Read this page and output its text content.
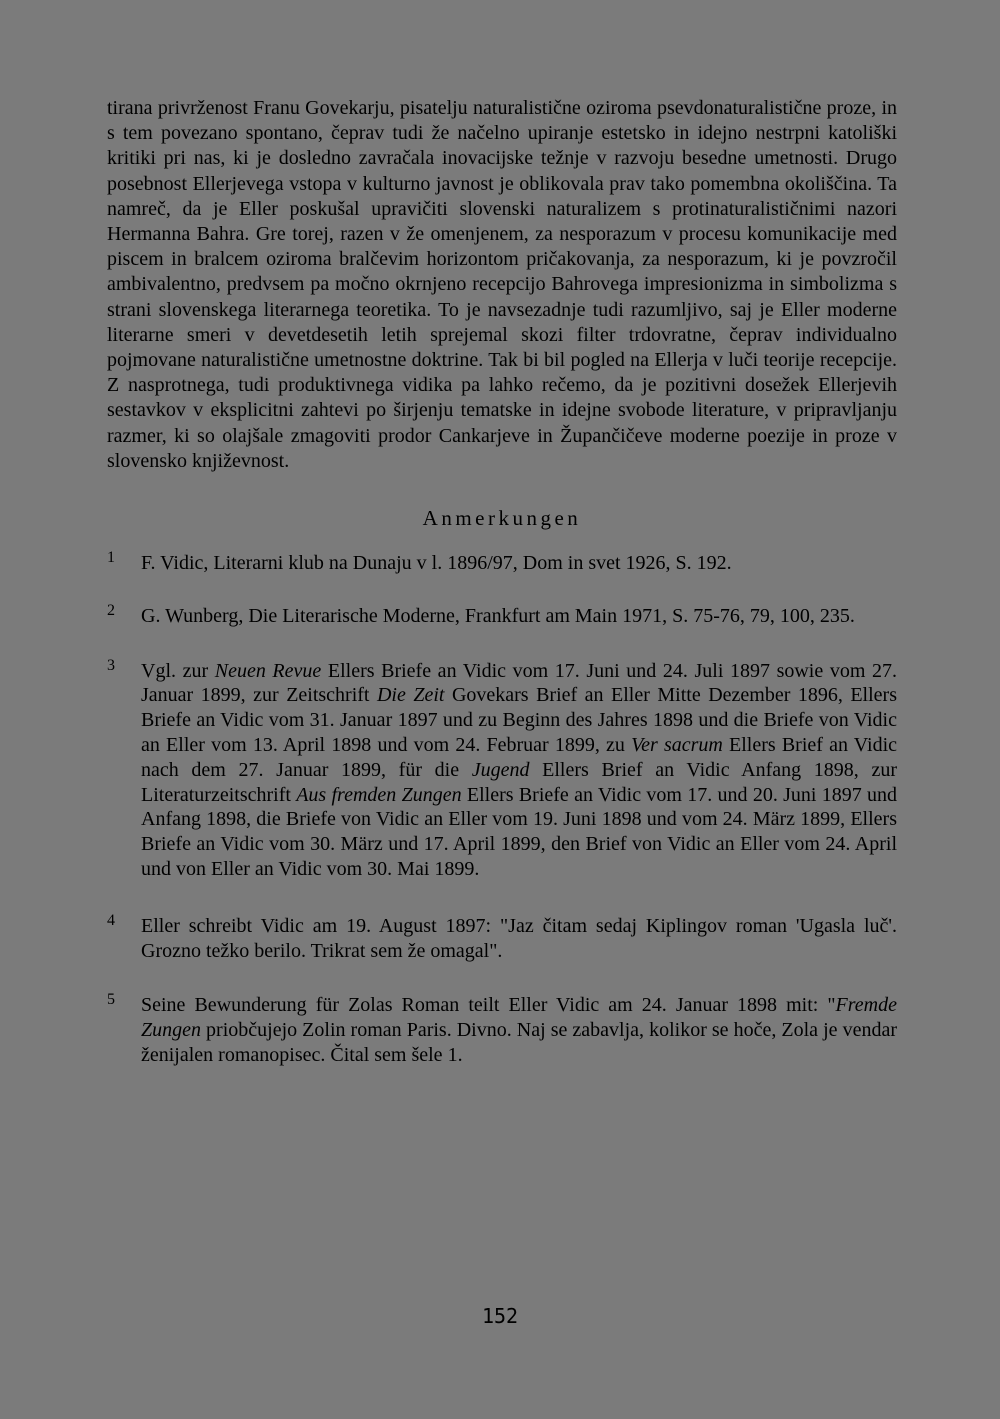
tirana privrženost Franu Govekarju, pisatelju naturalistične oziroma psevdonaturalistične proze, in s tem povezano spontano, čeprav tudi že načelno upiranje estetsko in idejno nestrpni katoliški kritiki pri nas, ki je dosledno zavračala inovacijske težnje v razvoju besedne umetnosti. Drugo posebnost Ellerjevega vstopa v kulturno javnost je oblikovala prav tako pomembna okoliščina. Ta namreč, da je Eller poskušal upravičiti slovenski naturalizem s protinaturalističnimi nazori Hermanna Bahra. Gre torej, razen v že omenjenem, za nesporazum v procesu komunikacije med piscem in bralcem oziroma bralčevim horizontom pričakovanja, za nesporazum, ki je povzročil ambivalentno, predvsem pa močno okrnjeno recepcijo Bahrovega impresionizma in simbolizma s strani slovenskega literarnega teoretika. To je navsezadnje tudi razumljivo, saj je Eller moderne literarne smeri v devetdesetih letih sprejemal skozi filter trdovratne, čeprav individualno pojmovane naturalistične umetnostne doktrine. Tak bi bil pogled na Ellerja v luči teorije recepcije. Z nasprotnega, tudi produktivnega vidika pa lahko rečemo, da je pozitivni dosežek Ellerjevih sestavkov v eksplicitni zahtevi po širjenju tematske in idejne svobode literature, v pripravljanju razmer, ki so olajšale zmagoviti prodor Cankarjeve in Župančičeve moderne poezije in proze v slovensko književnost.

Anmerkungen
1 F. Vidic, Literarni klub na Dunaju v l. 1896/97, Dom in svet 1926, S. 192.

2 G. Wunberg, Die Literarische Moderne, Frankfurt am Main 1971, S. 75-76, 79, 100, 235.

3 Vgl. zur Neuen Revue Ellers Briefe an Vidic vom 17. Juni und 24. Juli 1897 sowie vom 27. Januar 1899, zur Zeitschrift Die Zeit Govekars Brief an Eller Mitte Dezember 1896, Ellers Briefe an Vidic vom 31. Januar 1897 und zu Beginn des Jahres 1898 und die Briefe von Vidic an Eller vom 13. April 1898 und vom 24. Februar 1899, zu Ver sacrum Ellers Brief an Vidic nach dem 27. Januar 1899, für die Jugend Ellers Brief an Vidic Anfang 1898, zur Literaturzeitschrift Aus fremden Zungen Ellers Briefe an Vidic vom 17. und 20. Juni 1897 und Anfang 1898, die Briefe von Vidic an Eller vom 19. Juni 1898 und vom 24. März 1899, Ellers Briefe an Vidic vom 30. März und 17. April 1899, den Brief von Vidic an Eller vom 24. April und von Eller an Vidic vom 30. Mai 1899.

4 Eller schreibt Vidic am 19. August 1897: "Jaz čitam sedaj Kiplingov roman 'Ugasla luč'. Grozno težko berilo. Trikrat sem že omagal".

5 Seine Bewunderung für Zolas Roman teilt Eller Vidic am 24. Januar 1898 mit: "Fremde Zungen priobčujejo Zolin roman Paris. Divno. Naj se zabavlja, kolikor se hoče, Zola je vendar ženijalen romanopisec. Čital sem šele 1.

152
